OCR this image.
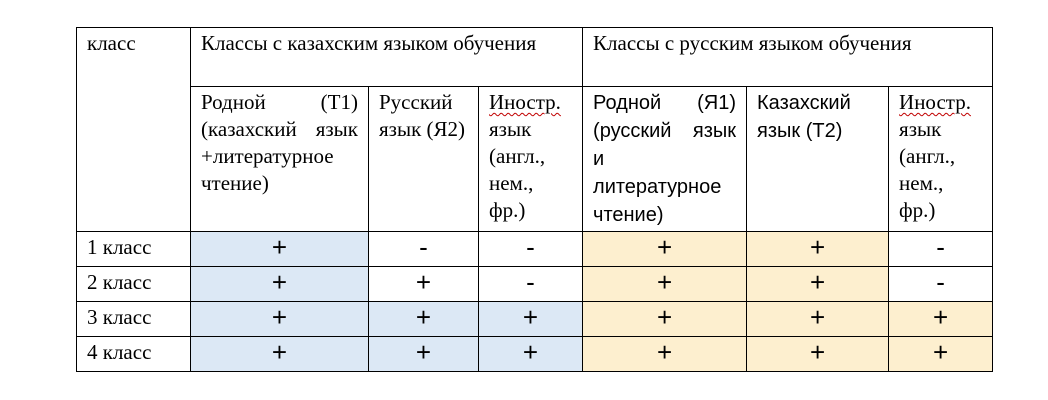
класс	Классы с казахским языком обучения			Классы с русским языком обучения		
	Родной (Т1) (казахский язык +литературное чтение)	Русский язык (Я2)	Иностр. язык (англ., нем., фр.)	Родной (Я1) (русский язык и литературное чтение)	Казахский язык (Т2)	Иностр. язык (англ., нем., фр.)
1 класс	+	-	-	+	+	-
2 класс	+	+	-	+	+	-
3 класс	+	+	+	+	+	+
4 класс	+	+	+	+	+	+
